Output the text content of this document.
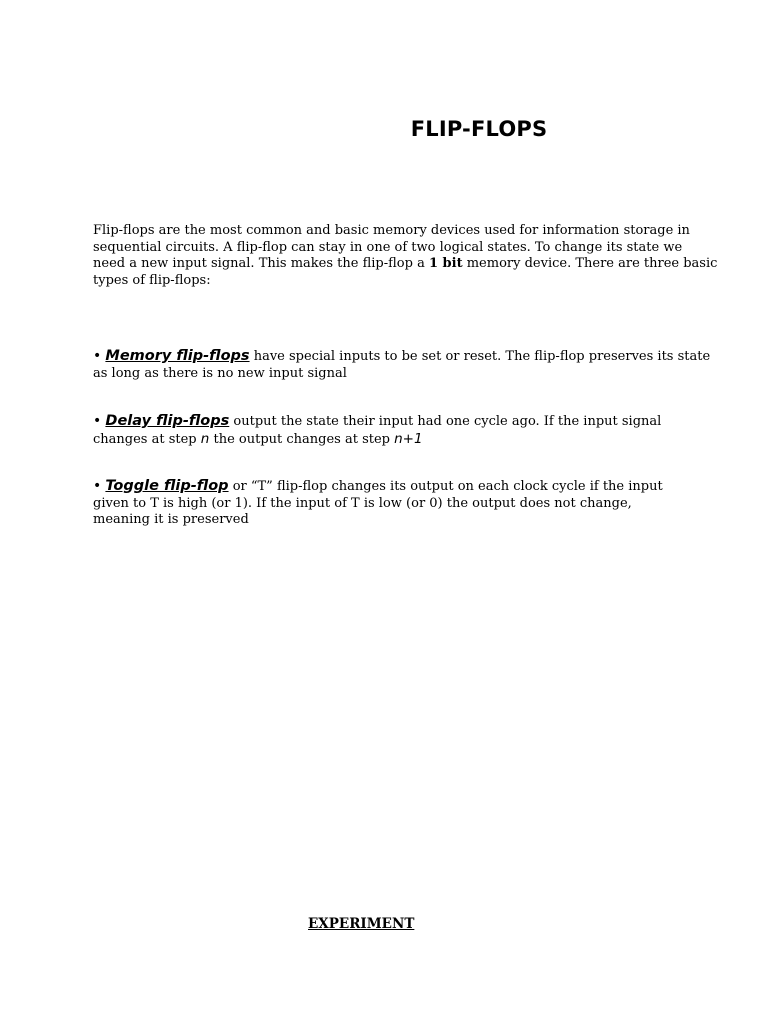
FLIP-FLOPS
Flip-flops are the most common and basic memory devices used for information storage in
sequential circuits. A flip-flop can stay in one of two logical states. To change its state we
need a new input signal. This makes the flip-flop a 1 bit memory device. There are three basic
types of flip-flops:
• Memory flip-flops have special inputs to be set or reset. The flip-flop preserves its state
as long as there is no new input signal
• Delay flip-flops output the state their input had one cycle ago. If the input signal
changes at step n the output changes at step n+1
• Toggle flip-flop or “T” flip-flop changes its output on each clock cycle if the input
given to T is high (or 1). If the input of T is low (or 0) the output does not change,
meaning it is preserved
EXPERIMENT
